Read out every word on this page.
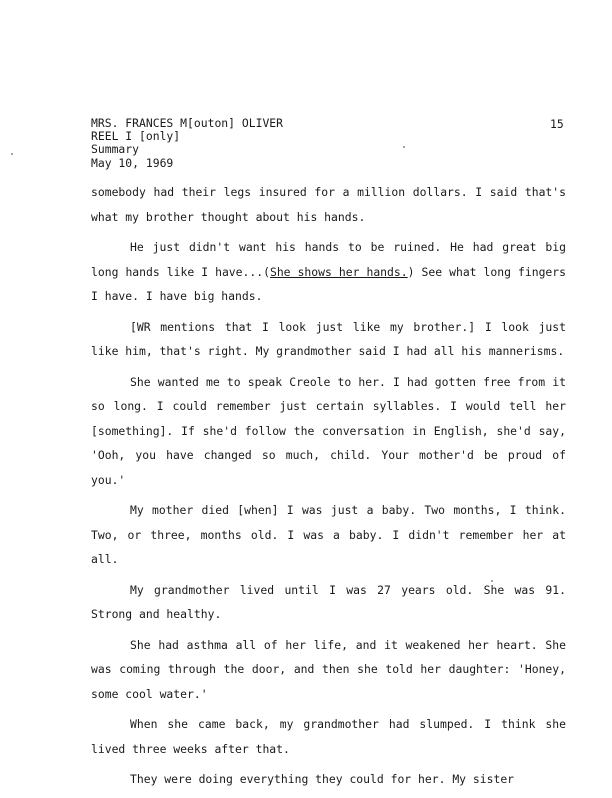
MRS. FRANCES M[outon] OLIVER
REEL I [only]
Summary
May 10, 1969
15

somebody had their legs insured for a million dollars. I said that's what my brother thought about his hands.

He just didn't want his hands to be ruined. He had great big long hands like I have...(She shows her hands.) See what long fingers I have. I have big hands.

[WR mentions that I look just like my brother.] I look just like him, that's right. My grandmother said I had all his mannerisms.

She wanted me to speak Creole to her. I had gotten free from it so long. I could remember just certain syllables. I would tell her [something]. If she'd follow the conversation in English, she'd say, 'Ooh, you have changed so much, child. Your mother'd be proud of you.'

My mother died [when] I was just a baby. Two months, I think. Two, or three, months old. I was a baby. I didn't remember her at all.

My grandmother lived until I was 27 years old. She was 91. Strong and healthy.

She had asthma all of her life, and it weakened her heart. She was coming through the door, and then she told her daughter: 'Honey, some cool water.'

When she came back, my grandmother had slumped. I think she lived three weeks after that.

They were doing everything they could for her. My sister
